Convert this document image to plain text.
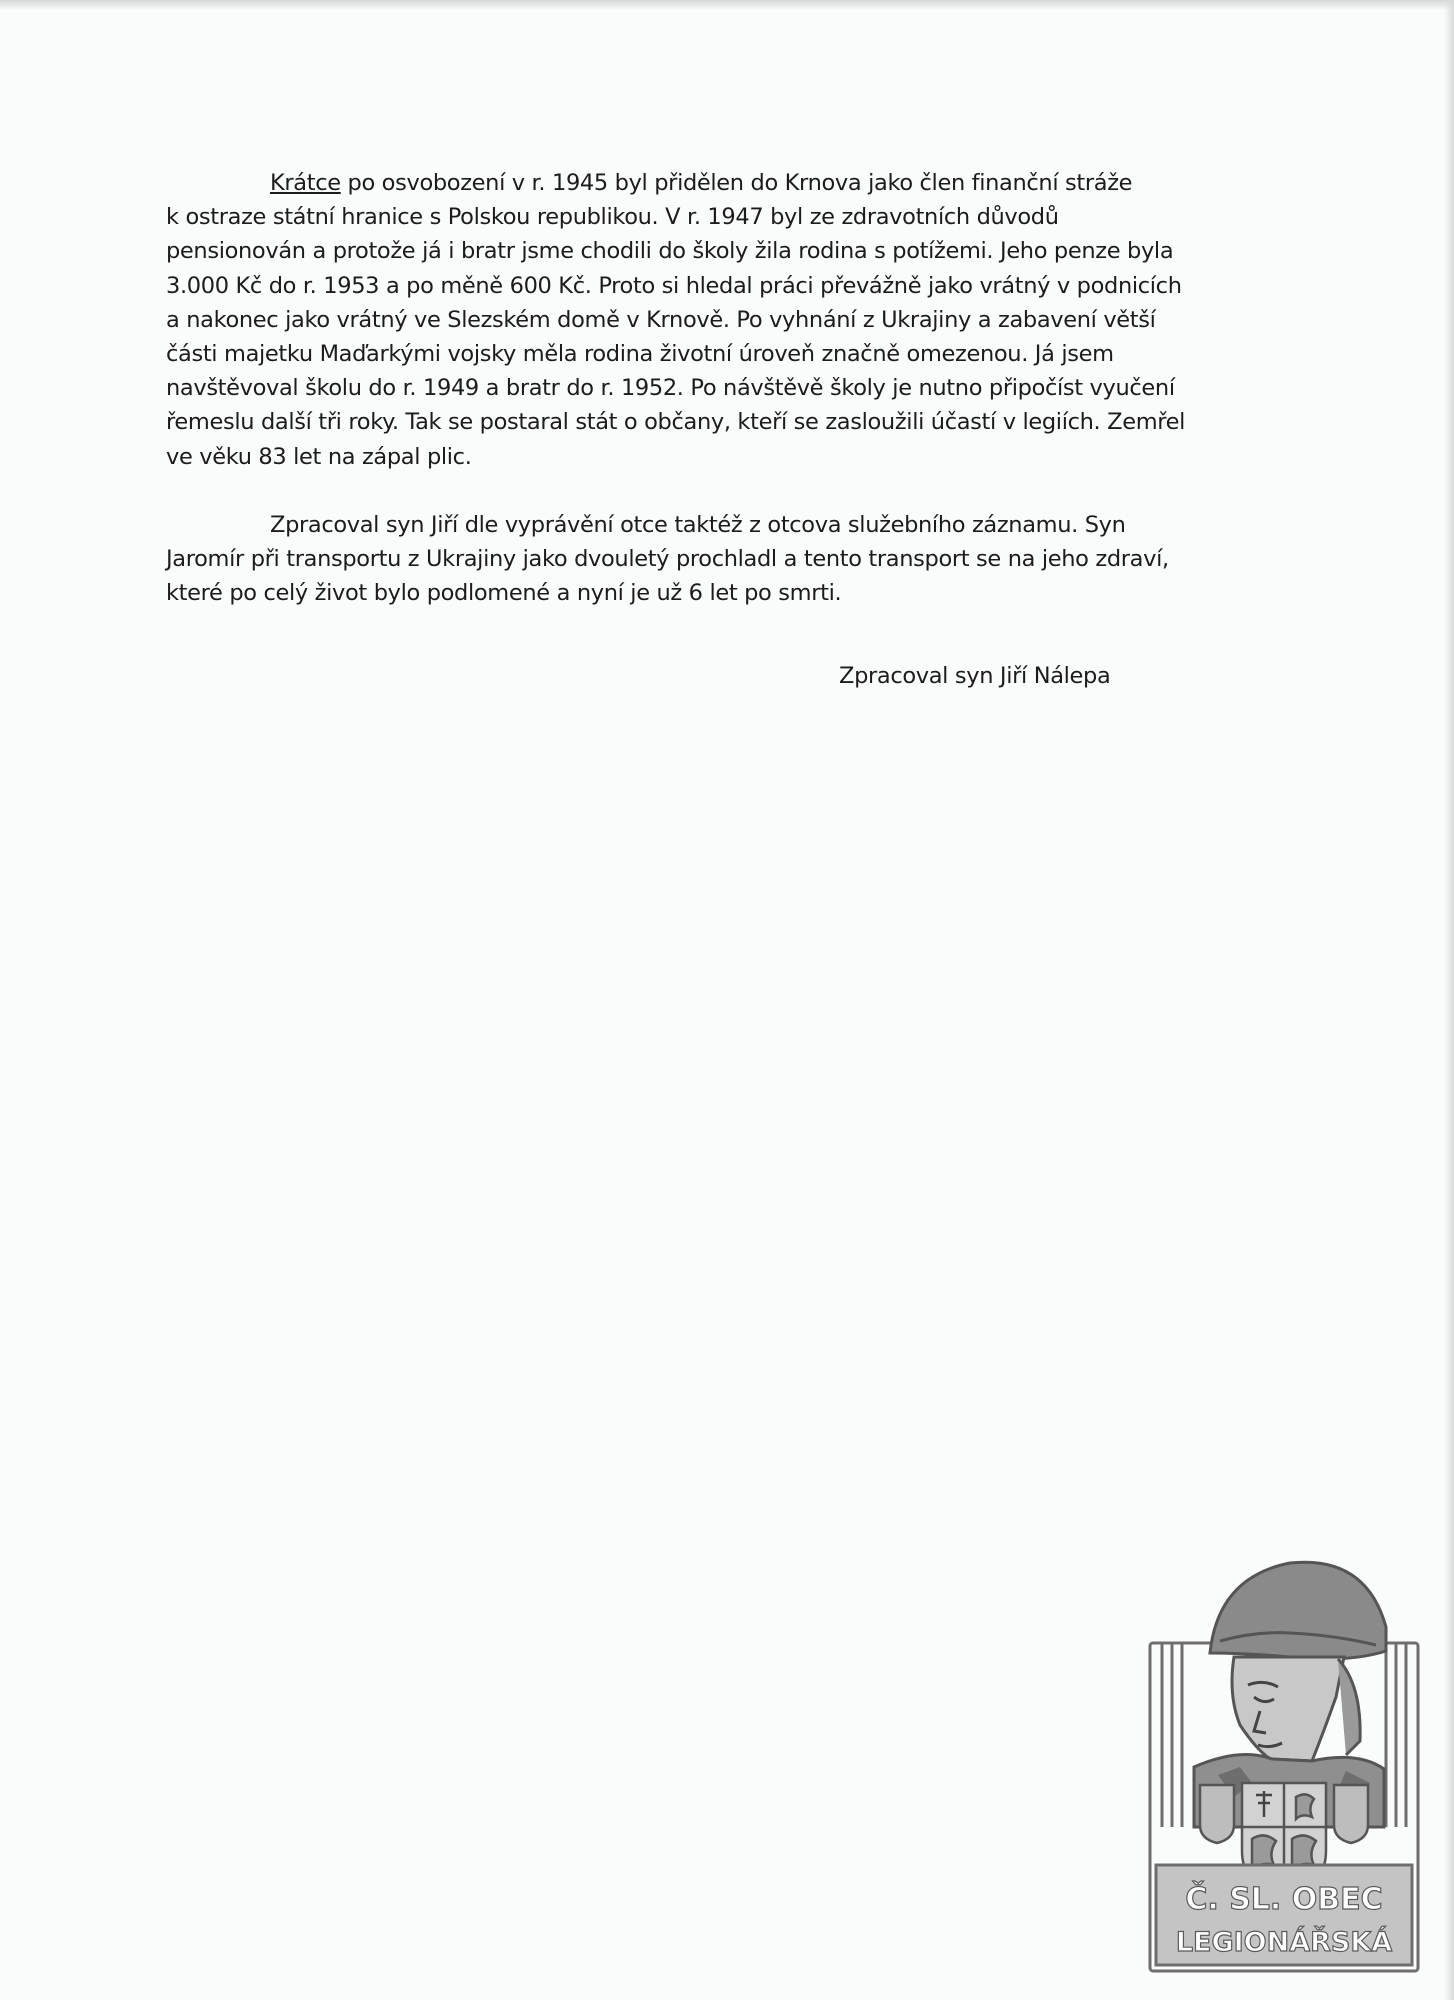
Krátce po osvobození v r. 1945 byl přidělen do Krnova jako člen finanční stráže
k ostraze státní hranice s Polskou republikou. V r. 1947 byl ze zdravotních důvodů
pensionován a protože já i bratr jsme chodili do školy žila rodina s potížemi. Jeho penze byla
3.000 Kč do r. 1953 a po měně 600 Kč. Proto si hledal práci převážně jako vrátný v podnicích
a nakonec jako vrátný ve Slezském domě v Krnově. Po vyhnání z Ukrajiny a zabavení větší
části majetku Maďarkými vojsky měla rodina životní úroveň značně omezenou. Já jsem
navštěvoval školu do r. 1949 a bratr do r. 1952. Po návštěvě školy je nutno připočíst vyučení
řemeslu další tři roky. Tak se postaral stát o občany, kteří se zasloužili účastí v legiích. Zemřel
ve věku 83 let na zápal plic.
Zpracoval syn Jiří dle vyprávění otce taktéž z otcova služebního záznamu. Syn
Jaromír při transportu z Ukrajiny jako dvouletý prochladl a tento transport se na jeho zdraví,
které po celý život bylo podlomené a nyní je už 6 let po smrti.
Zpracoval syn Jiří Nálepa
Č. SL. OBEC
LEGIONÁŘSKÁ
